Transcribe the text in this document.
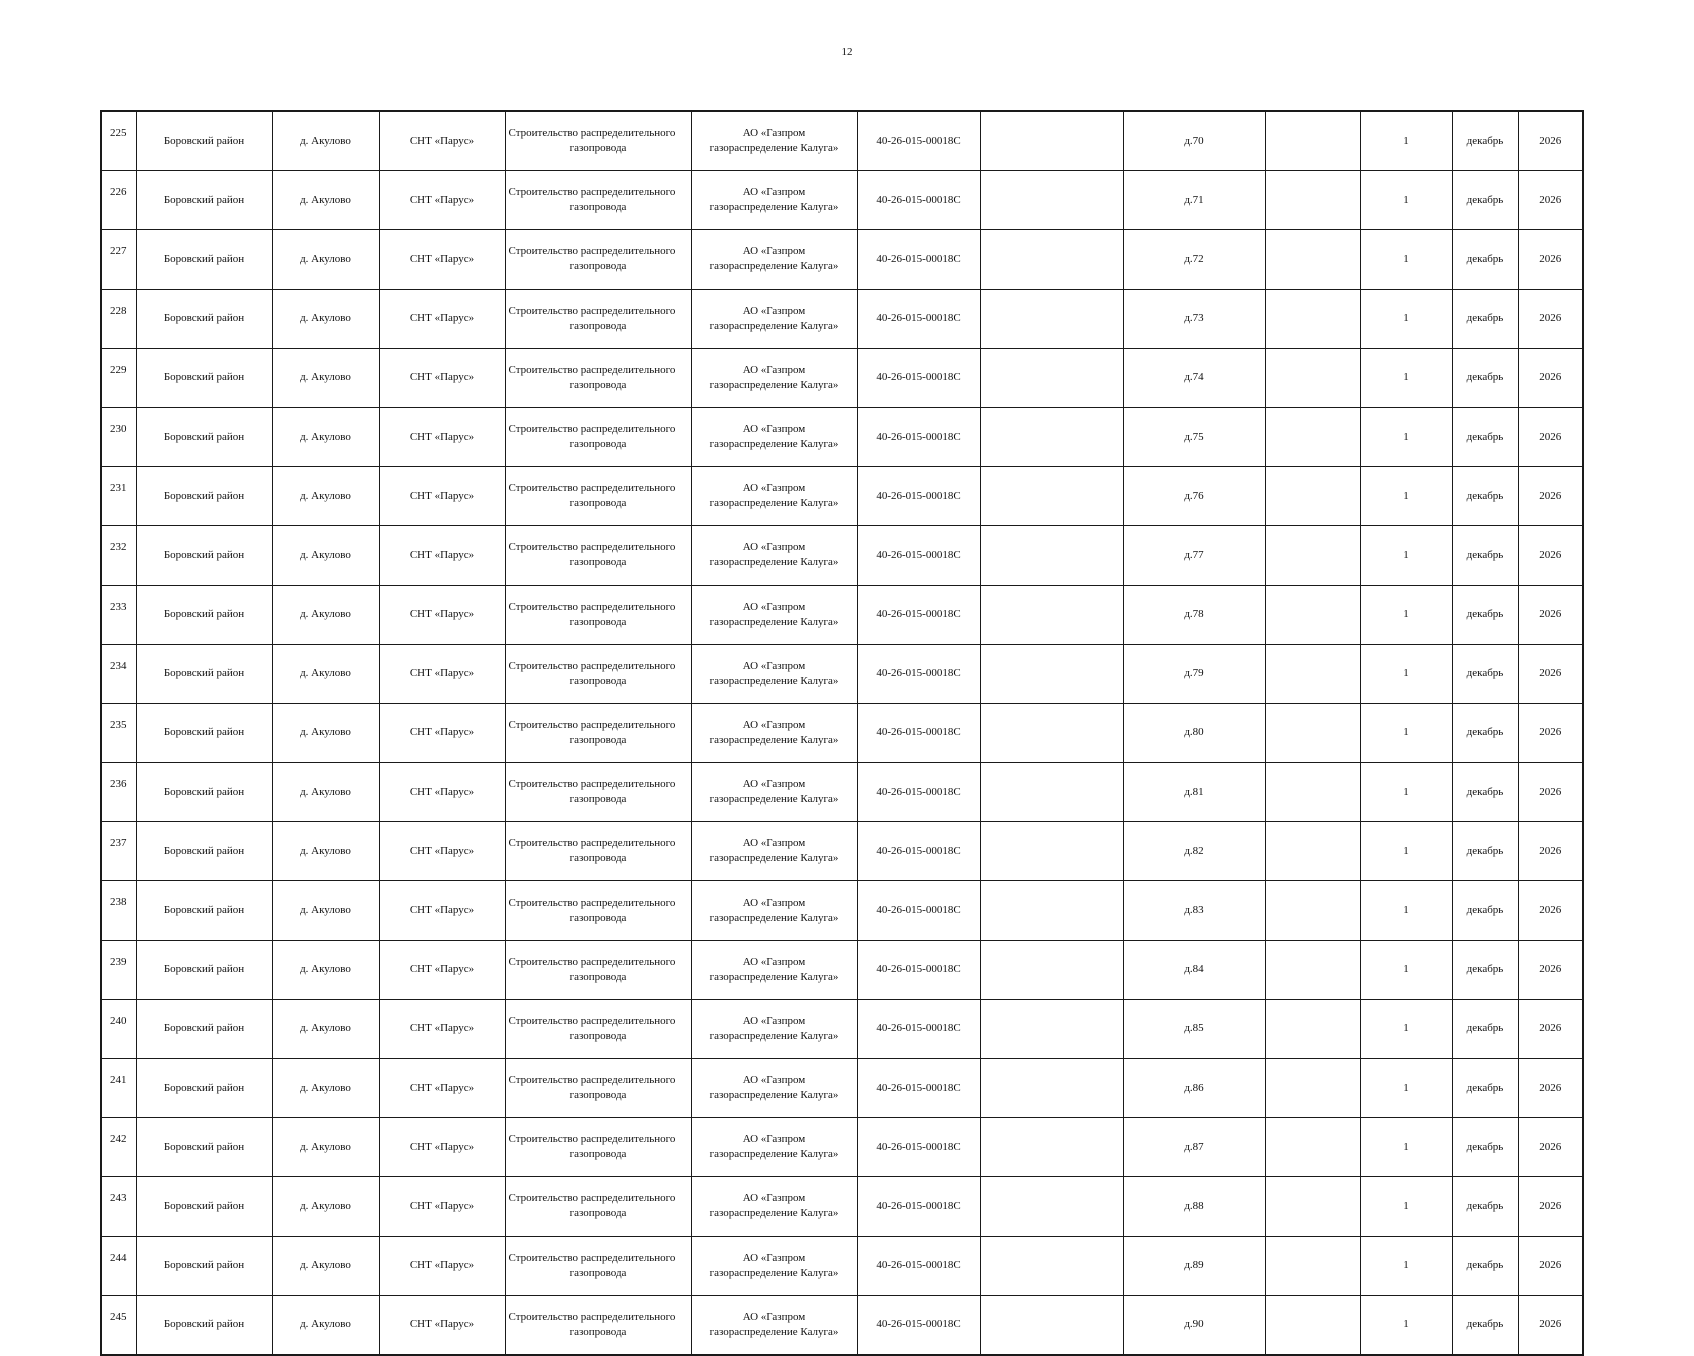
12
225	Боровский район	д. Акулово	СНТ «Парус»	Строительство распределительного
газопровода	АО «Газпром
газораспределение Калуга»	40-26-015-00018С		д.70		1	декабрь	2026
226	Боровский район	д. Акулово	СНТ «Парус»	Строительство распределительного
газопровода	АО «Газпром
газораспределение Калуга»	40-26-015-00018С		д.71		1	декабрь	2026
227	Боровский район	д. Акулово	СНТ «Парус»	Строительство распределительного
газопровода	АО «Газпром
газораспределение Калуга»	40-26-015-00018С		д.72		1	декабрь	2026
228	Боровский район	д. Акулово	СНТ «Парус»	Строительство распределительного
газопровода	АО «Газпром
газораспределение Калуга»	40-26-015-00018С		д.73		1	декабрь	2026
229	Боровский район	д. Акулово	СНТ «Парус»	Строительство распределительного
газопровода	АО «Газпром
газораспределение Калуга»	40-26-015-00018С		д.74		1	декабрь	2026
230	Боровский район	д. Акулово	СНТ «Парус»	Строительство распределительного
газопровода	АО «Газпром
газораспределение Калуга»	40-26-015-00018С		д.75		1	декабрь	2026
231	Боровский район	д. Акулово	СНТ «Парус»	Строительство распределительного
газопровода	АО «Газпром
газораспределение Калуга»	40-26-015-00018С		д.76		1	декабрь	2026
232	Боровский район	д. Акулово	СНТ «Парус»	Строительство распределительного
газопровода	АО «Газпром
газораспределение Калуга»	40-26-015-00018С		д.77		1	декабрь	2026
233	Боровский район	д. Акулово	СНТ «Парус»	Строительство распределительного
газопровода	АО «Газпром
газораспределение Калуга»	40-26-015-00018С		д.78		1	декабрь	2026
234	Боровский район	д. Акулово	СНТ «Парус»	Строительство распределительного
газопровода	АО «Газпром
газораспределение Калуга»	40-26-015-00018С		д.79		1	декабрь	2026
235	Боровский район	д. Акулово	СНТ «Парус»	Строительство распределительного
газопровода	АО «Газпром
газораспределение Калуга»	40-26-015-00018С		д.80		1	декабрь	2026
236	Боровский район	д. Акулово	СНТ «Парус»	Строительство распределительного
газопровода	АО «Газпром
газораспределение Калуга»	40-26-015-00018С		д.81		1	декабрь	2026
237	Боровский район	д. Акулово	СНТ «Парус»	Строительство распределительного
газопровода	АО «Газпром
газораспределение Калуга»	40-26-015-00018С		д.82		1	декабрь	2026
238	Боровский район	д. Акулово	СНТ «Парус»	Строительство распределительного
газопровода	АО «Газпром
газораспределение Калуга»	40-26-015-00018С		д.83		1	декабрь	2026
239	Боровский район	д. Акулово	СНТ «Парус»	Строительство распределительного
газопровода	АО «Газпром
газораспределение Калуга»	40-26-015-00018С		д.84		1	декабрь	2026
240	Боровский район	д. Акулово	СНТ «Парус»	Строительство распределительного
газопровода	АО «Газпром
газораспределение Калуга»	40-26-015-00018С		д.85		1	декабрь	2026
241	Боровский район	д. Акулово	СНТ «Парус»	Строительство распределительного
газопровода	АО «Газпром
газораспределение Калуга»	40-26-015-00018С		д.86		1	декабрь	2026
242	Боровский район	д. Акулово	СНТ «Парус»	Строительство распределительного
газопровода	АО «Газпром
газораспределение Калуга»	40-26-015-00018С		д.87		1	декабрь	2026
243	Боровский район	д. Акулово	СНТ «Парус»	Строительство распределительного
газопровода	АО «Газпром
газораспределение Калуга»	40-26-015-00018С		д.88		1	декабрь	2026
244	Боровский район	д. Акулово	СНТ «Парус»	Строительство распределительного
газопровода	АО «Газпром
газораспределение Калуга»	40-26-015-00018С		д.89		1	декабрь	2026
245	Боровский район	д. Акулово	СНТ «Парус»	Строительство распределительного
газопровода	АО «Газпром
газораспределение Калуга»	40-26-015-00018С		д.90		1	декабрь	2026
